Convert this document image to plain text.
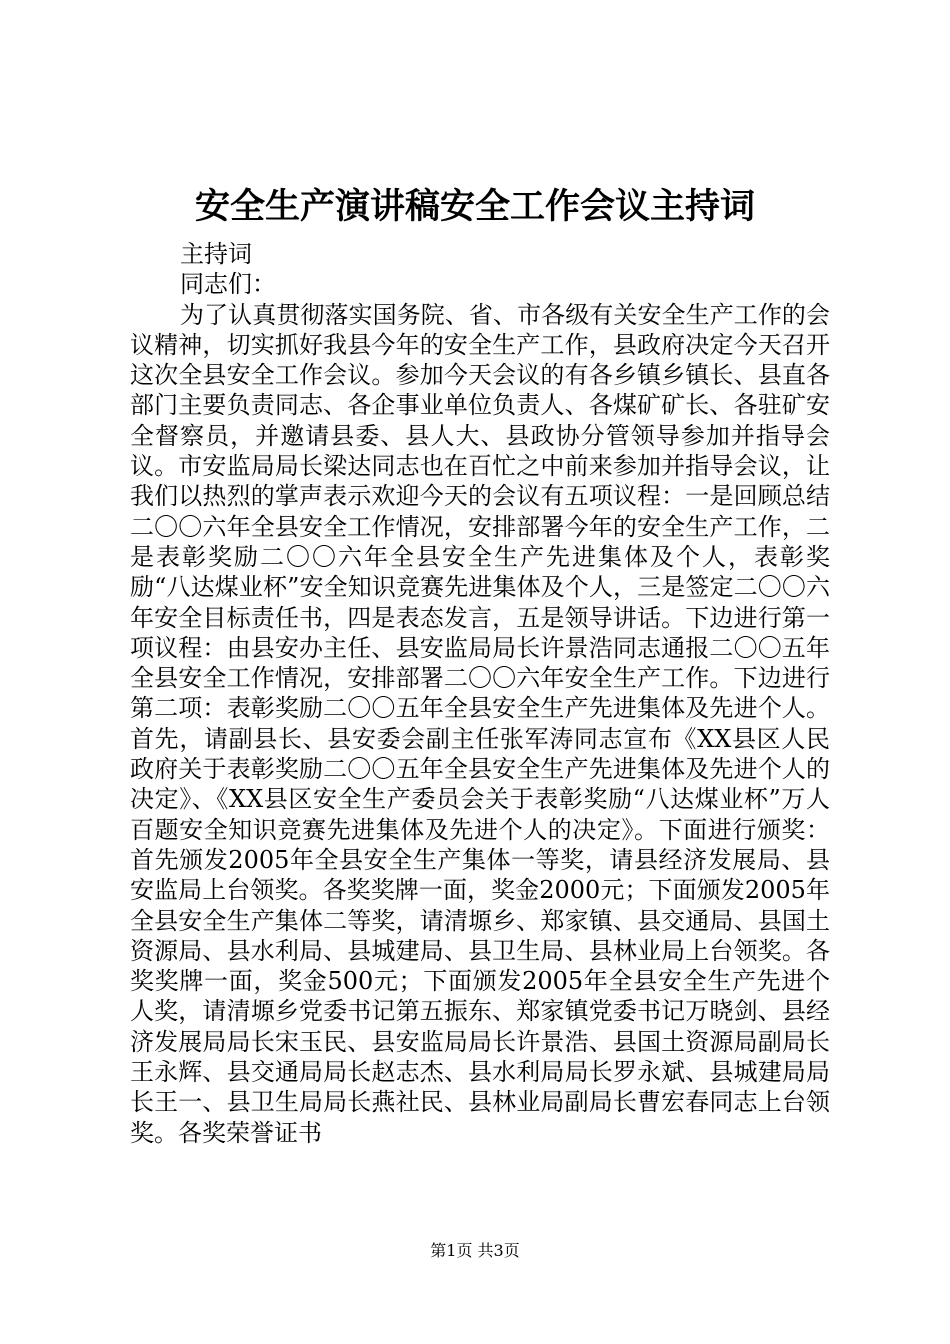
安全生产演讲稿安全工作会议主持词
主持词
同志们：

为了认真贯彻落实国务院、省、市各级有关安全生产工作的会议精神，切实抓好我县今年的安全生产工作，县政府决定今天召开这次全县安全工作会议。参加今天会议的有各乡镇乡镇长、县直各部门主要负责同志、各企事业单位负责人、各煤矿矿长、各驻矿安全督察员，并邀请县委、县人大、县政协分管领导参加并指导会议。市安监局局长梁达同志也在百忙之中前来参加并指导会议，让我们以热烈的掌声表示欢迎今天的会议有五项议程：一是回顾总结二〇〇六年全县安全工作情况，安排部署今年的安全生产工作，二是表彰奖励二〇〇六年全县安全生产先进集体及个人，表彰奖励“八达煤业杯”安全知识竞赛先进集体及个人，三是签定二〇〇六年安全目标责任书，四是表态发言，五是领导讲话。下边进行第一项议程：由县安办主任、县安监局局长许景浩同志通报二〇〇五年全县安全工作情况，安排部署二〇〇六年安全生产工作。下边进行第二项：表彰奖励二〇〇五年全县安全生产先进集体及先进个人。首先，请副县长、县安委会副主任张军涛同志宣布《XX县区人民政府关于表彰奖励二〇〇五年全县安全生产先进集体及先进个人的决定》、《XX县区安全生产委员会关于表彰奖励“八达煤业杯”万人百题安全知识竞赛先进集体及先进个人的决定》。下面进行颁奖：首先颁发2005年全县安全生产集体一等奖，请县经济发展局、县安监局上台领奖。各奖奖牌一面，奖金2000元；下面颁发2005年全县安全生产集体二等奖，请清塬乡、郑家镇、县交通局、县国土资源局、县水利局、县城建局、县卫生局、县林业局上台领奖。各奖奖牌一面，奖金500元；下面颁发2005年全县安全生产先进个人奖，请清塬乡党委书记第五振东、郑家镇党委书记万晓剑、县经济发展局局长宋玉民、县安监局局长许景浩、县国土资源局副局长王永辉、县交通局局长赵志杰、县水利局局长罗永斌、县城建局局长王一、县卫生局局长燕社民、县林业局副局长曹宏春同志上台领奖。各奖荣誉证书

第1页 共3页
